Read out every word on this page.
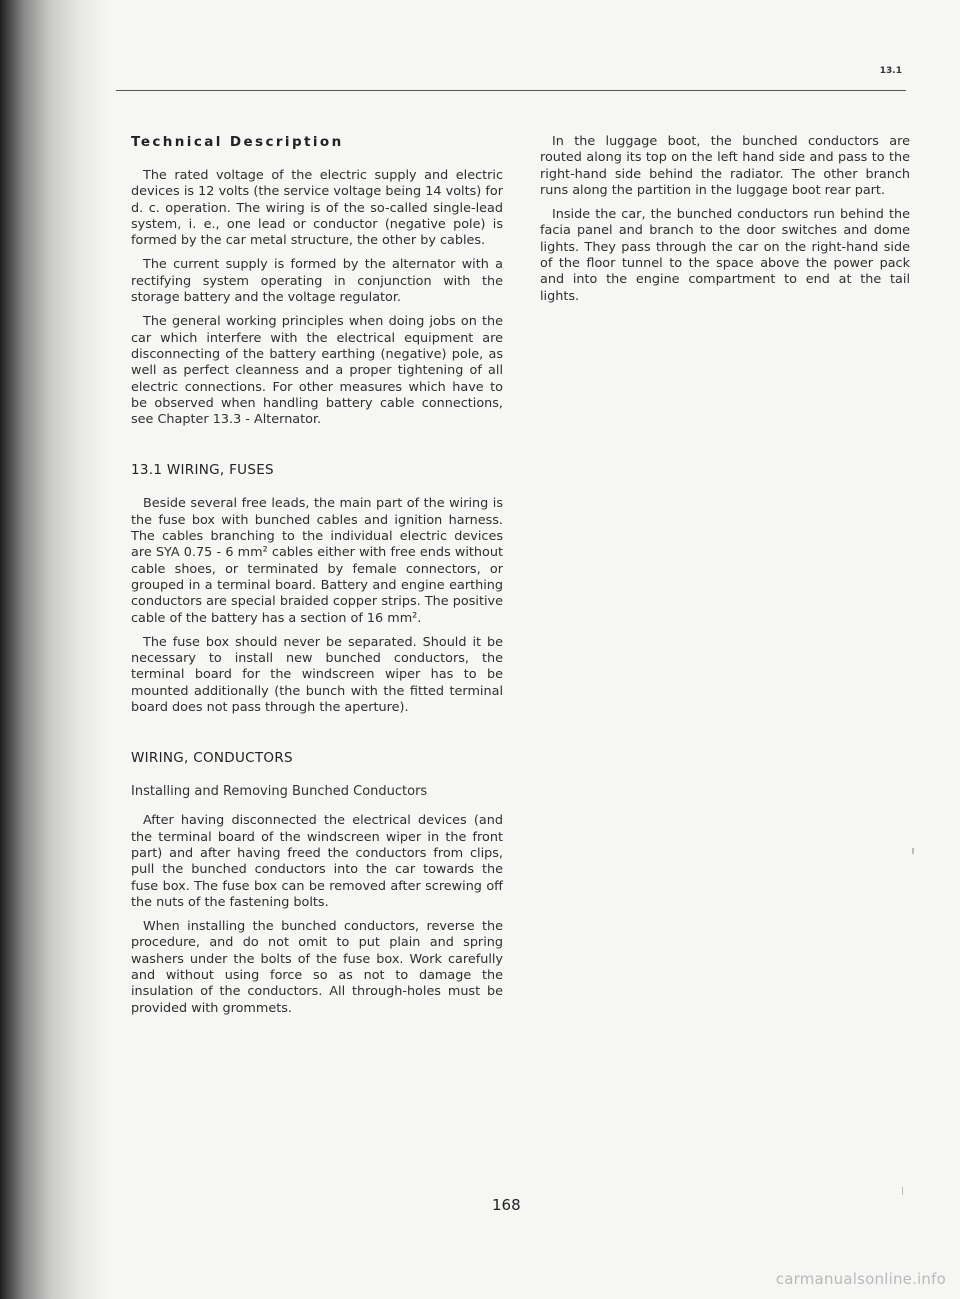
13.1
Technical Description

The rated voltage of the electric supply and electric devices is 12 volts (the service voltage being 14 volts) for d. c. operation. The wiring is of the so-called single-lead system, i. e., one lead or conductor (negative pole) is formed by the car metal structure, the other by cables.

The current supply is formed by the alternator with a rectifying system operating in conjunction with the storage battery and the voltage regulator.

The general working principles when doing jobs on the car which interfere with the electrical equipment are disconnecting of the battery earthing (negative) pole, as well as perfect cleanness and a proper tightening of all electric connections. For other measures which have to be observed when handling battery cable connections, see Chapter 13.3 - Alternator.

13.1 WIRING, FUSES

Beside several free leads, the main part of the wiring is the fuse box with bunched cables and ignition harness. The cables branching to the individual electric devices are SYA 0.75 - 6 mm² cables either with free ends without cable shoes, or terminated by female connectors, or grouped in a terminal board. Battery and engine earthing conductors are special braided copper strips. The positive cable of the battery has a section of 16 mm².

The fuse box should never be separated. Should it be necessary to install new bunched conductors, the terminal board for the windscreen wiper has to be mounted additionally (the bunch with the fitted terminal board does not pass through the aperture).

WIRING, CONDUCTORS
Installing and Removing Bunched Conductors

After having disconnected the electrical devices (and the terminal board of the windscreen wiper in the front part) and after having freed the conductors from clips, pull the bunched conductors into the car towards the fuse box. The fuse box can be removed after screwing off the nuts of the fastening bolts.

When installing the bunched conductors, reverse the procedure, and do not omit to put plain and spring washers under the bolts of the fuse box. Work carefully and without using force so as not to damage the insulation of the conductors. All through-holes must be provided with grommets.

In the luggage boot, the bunched conductors are routed along its top on the left hand side and pass to the right-hand side behind the radiator. The other branch runs along the partition in the luggage boot rear part.

Inside the car, the bunched conductors run behind the facia panel and branch to the door switches and dome lights. They pass through the car on the right-hand side of the floor tunnel to the space above the power pack and into the engine compartment to end at the tail lights.

168
carmanualsonline.info
